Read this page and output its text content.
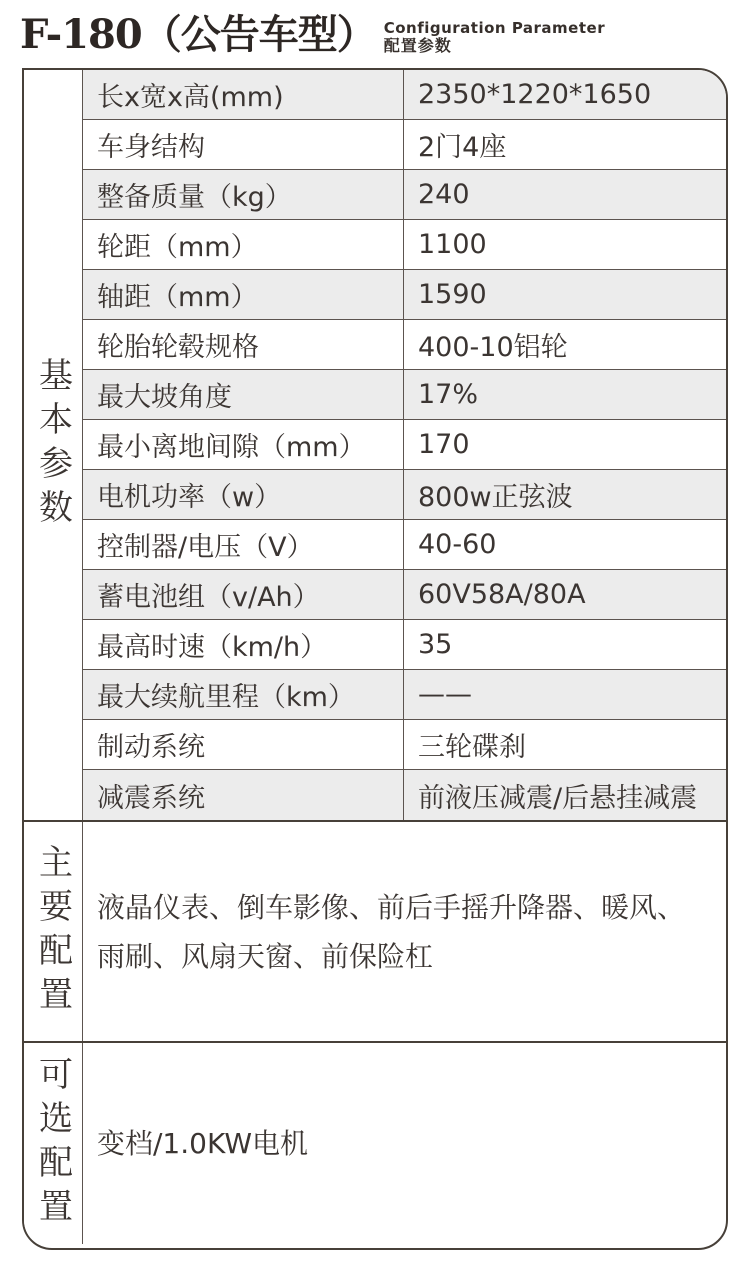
F-180（公告车型） Configuration Parameter
配置参数
基本参数
长x宽x高(mm)	2350*1220*1650
车身结构	2门4座
整备质量（kg）	240
轮距（mm）	1100
轴距（mm）	1590
轮胎轮毂规格	400-10铝轮
最大坡角度	17%
最小离地间隙（mm）	170
电机功率（w）	800w正弦波
控制器/电压（V）	40-60
蓄电池组（v/Ah）	60V58A/80A
最高时速（km/h）	35
最大续航里程（km）	——
制动系统	三轮碟刹
减震系统	前液压减震/后悬挂减震
主要配置 液晶仪表、倒车影像、前后手摇升降器、暖风、雨刷、风扇天窗、前保险杠
可选配置 变档/1.0KW电机
